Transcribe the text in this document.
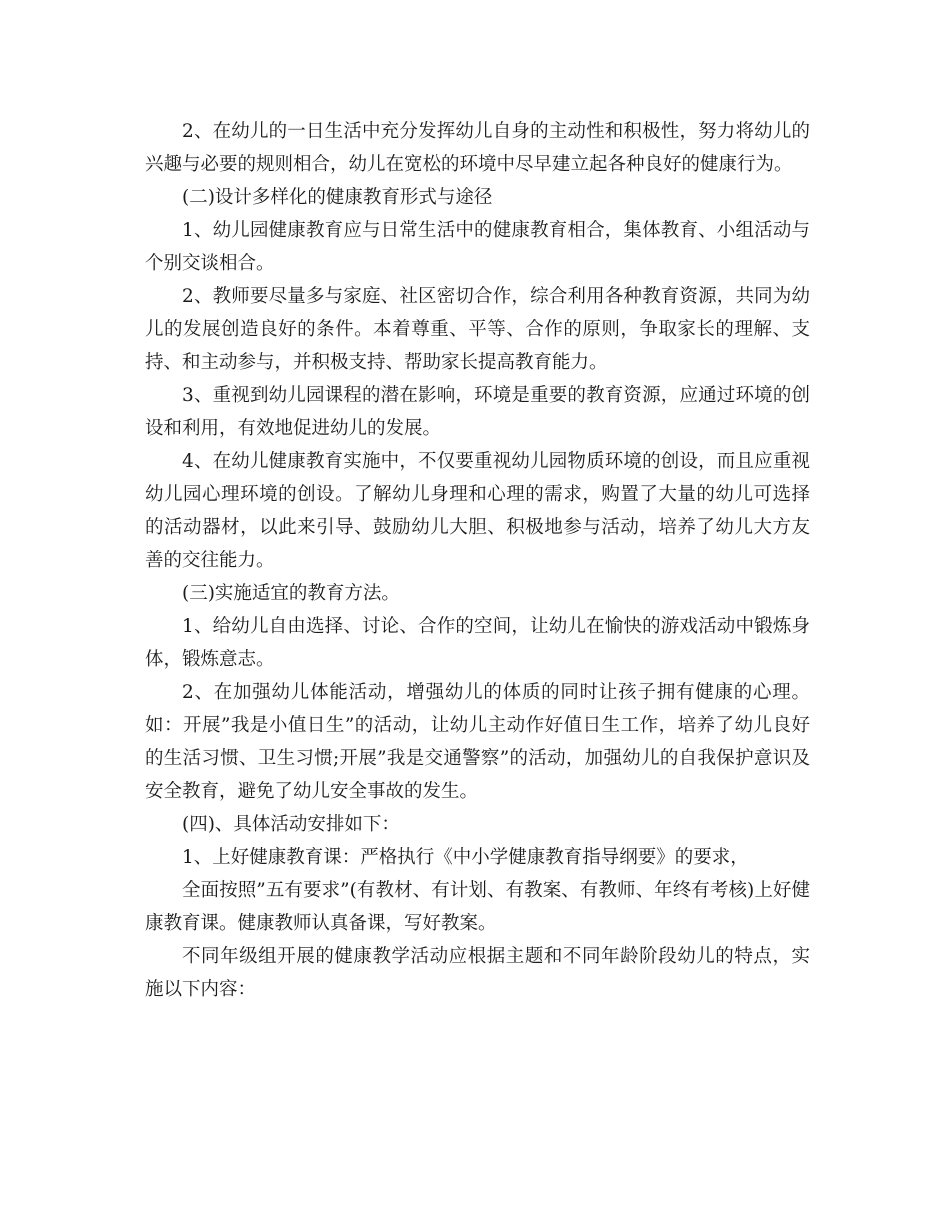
2、在幼儿的一日生活中充分发挥幼儿自身的主动性和积极性，努力将幼儿的兴趣与必要的规则相合，幼儿在宽松的环境中尽早建立起各种良好的健康行为。

(二)设计多样化的健康教育形式与途径

1、幼儿园健康教育应与日常生活中的健康教育相合，集体教育、小组活动与个别交谈相合。

2、教师要尽量多与家庭、社区密切合作，综合利用各种教育资源，共同为幼儿的发展创造良好的条件。本着尊重、平等、合作的原则，争取家长的理解、支持、和主动参与，并积极支持、帮助家长提高教育能力。

3、重视到幼儿园课程的潜在影响，环境是重要的教育资源，应通过环境的创设和利用，有效地促进幼儿的发展。

4、在幼儿健康教育实施中，不仅要重视幼儿园物质环境的创设，而且应重视幼儿园心理环境的创设。了解幼儿身理和心理的需求，购置了大量的幼儿可选择的活动器材，以此来引导、鼓励幼儿大胆、积极地参与活动，培养了幼儿大方友善的交往能力。

(三)实施适宜的教育方法。

1、给幼儿自由选择、讨论、合作的空间，让幼儿在愉快的游戏活动中锻炼身体，锻炼意志。

2、在加强幼儿体能活动，增强幼儿的体质的同时让孩子拥有健康的心理。如：开展”我是小值日生”的活动，让幼儿主动作好值日生工作，培养了幼儿良好的生活习惯、卫生习惯;开展”我是交通警察”的活动，加强幼儿的自我保护意识及安全教育，避免了幼儿安全事故的发生。

(四)、具体活动安排如下：

1、上好健康教育课：严格执行《中小学健康教育指导纲要》的要求，

全面按照”五有要求”(有教材、有计划、有教案、有教师、年终有考核)上好健康教育课。健康教师认真备课，写好教案。

不同年级组开展的健康教学活动应根据主题和不同年龄阶段幼儿的特点，实施以下内容：
